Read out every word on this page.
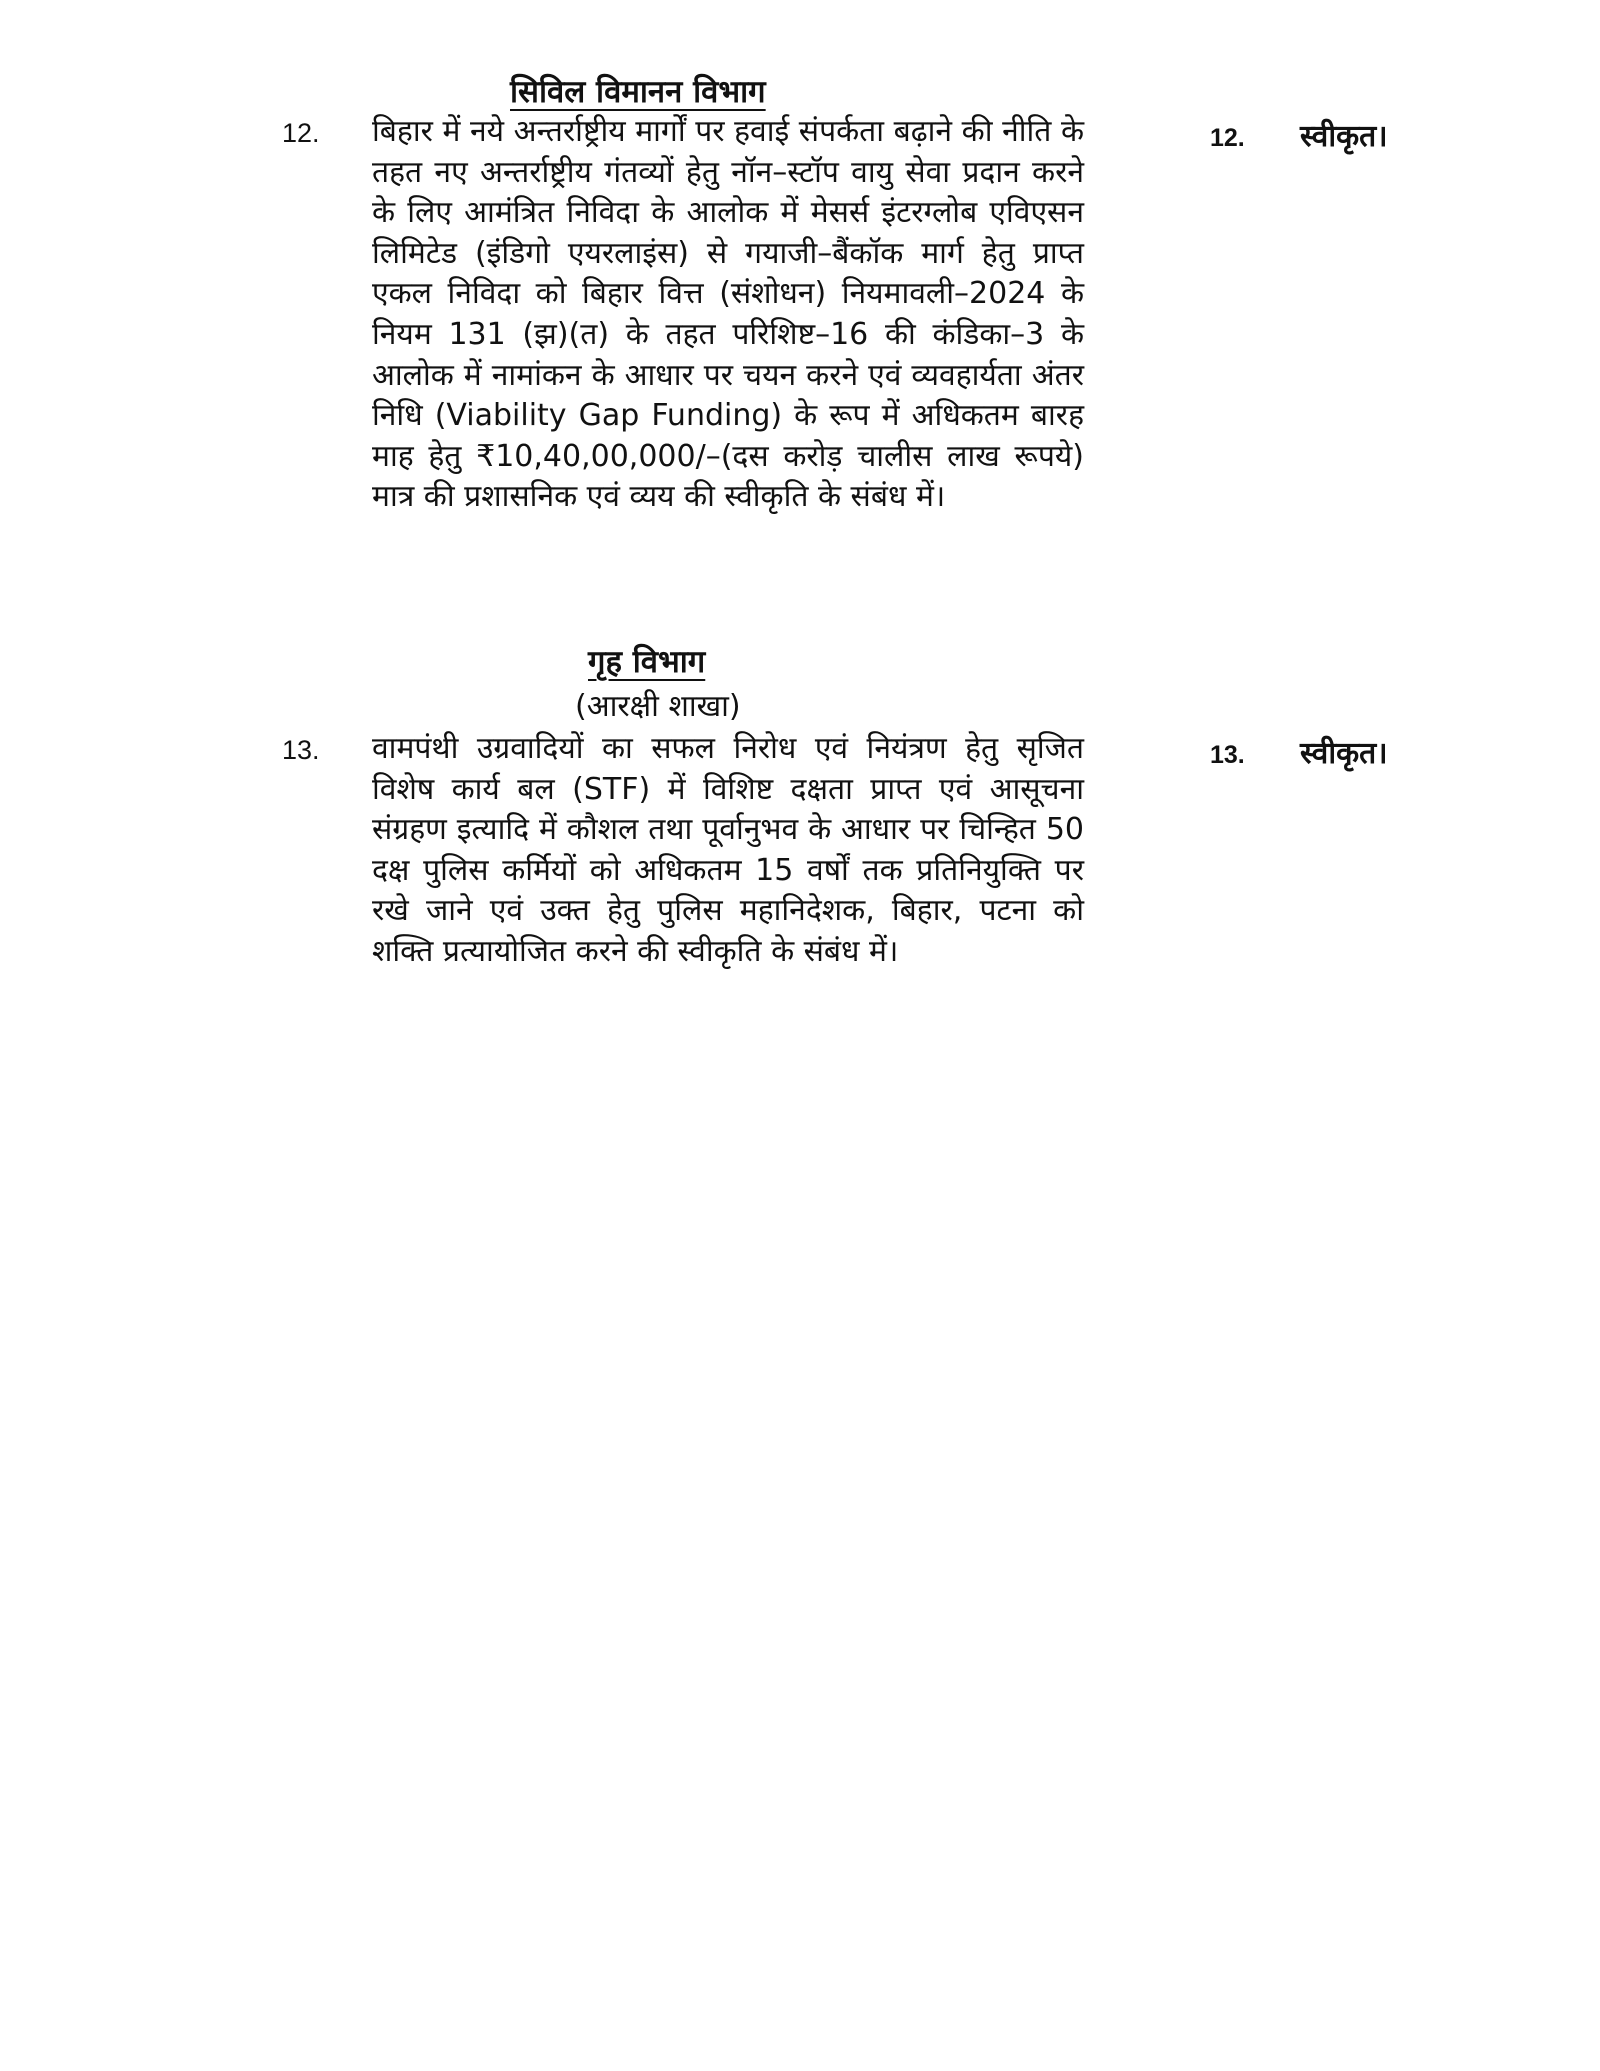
सिविल विमानन विभाग
12. बिहार में नये अन्तर्राष्ट्रीय मार्गों पर हवाई संपर्कता बढ़ाने की नीति के तहत नए अन्तर्राष्ट्रीय गंतव्यों हेतु नॉन–स्टॉप वायु सेवा प्रदान करने के लिए आमंत्रित निविदा के आलोक में मेसर्स इंटरग्लोब एविएसन लिमिटेड (इंडिगो एयरलाइंस) से गयाजी–बैंकॉक मार्ग हेतु प्राप्त एकल निविदा को बिहार वित्त (संशोधन) नियमावली–2024 के नियम 131 (झ)(त) के तहत परिशिष्ट–16 की कंडिका–3 के आलोक में नामांकन के आधार पर चयन करने एवं व्यवहार्यता अंतर निधि (Viability Gap Funding) के रूप में अधिकतम बारह माह हेतु ₹10,40,00,000/–(दस करोड़ चालीस लाख रूपये) मात्र की प्रशासनिक एवं व्यय की स्वीकृति के संबंध में।
12. स्वीकृत।
गृह विभाग
(आरक्षी शाखा)
13. वामपंथी उग्रवादियों का सफल निरोध एवं नियंत्रण हेतु सृजित विशेष कार्य बल (STF) में विशिष्ट दक्षता प्राप्त एवं आसूचना संग्रहण इत्यादि में कौशल तथा पूर्वानुभव के आधार पर चिन्हित 50 दक्ष पुलिस कर्मियों को अधिकतम 15 वर्षों तक प्रतिनियुक्ति पर रखे जाने एवं उक्त हेतु पुलिस महानिदेशक, बिहार, पटना को शक्ति प्रत्यायोजित करने की स्वीकृति के संबंध में।
13. स्वीकृत।
